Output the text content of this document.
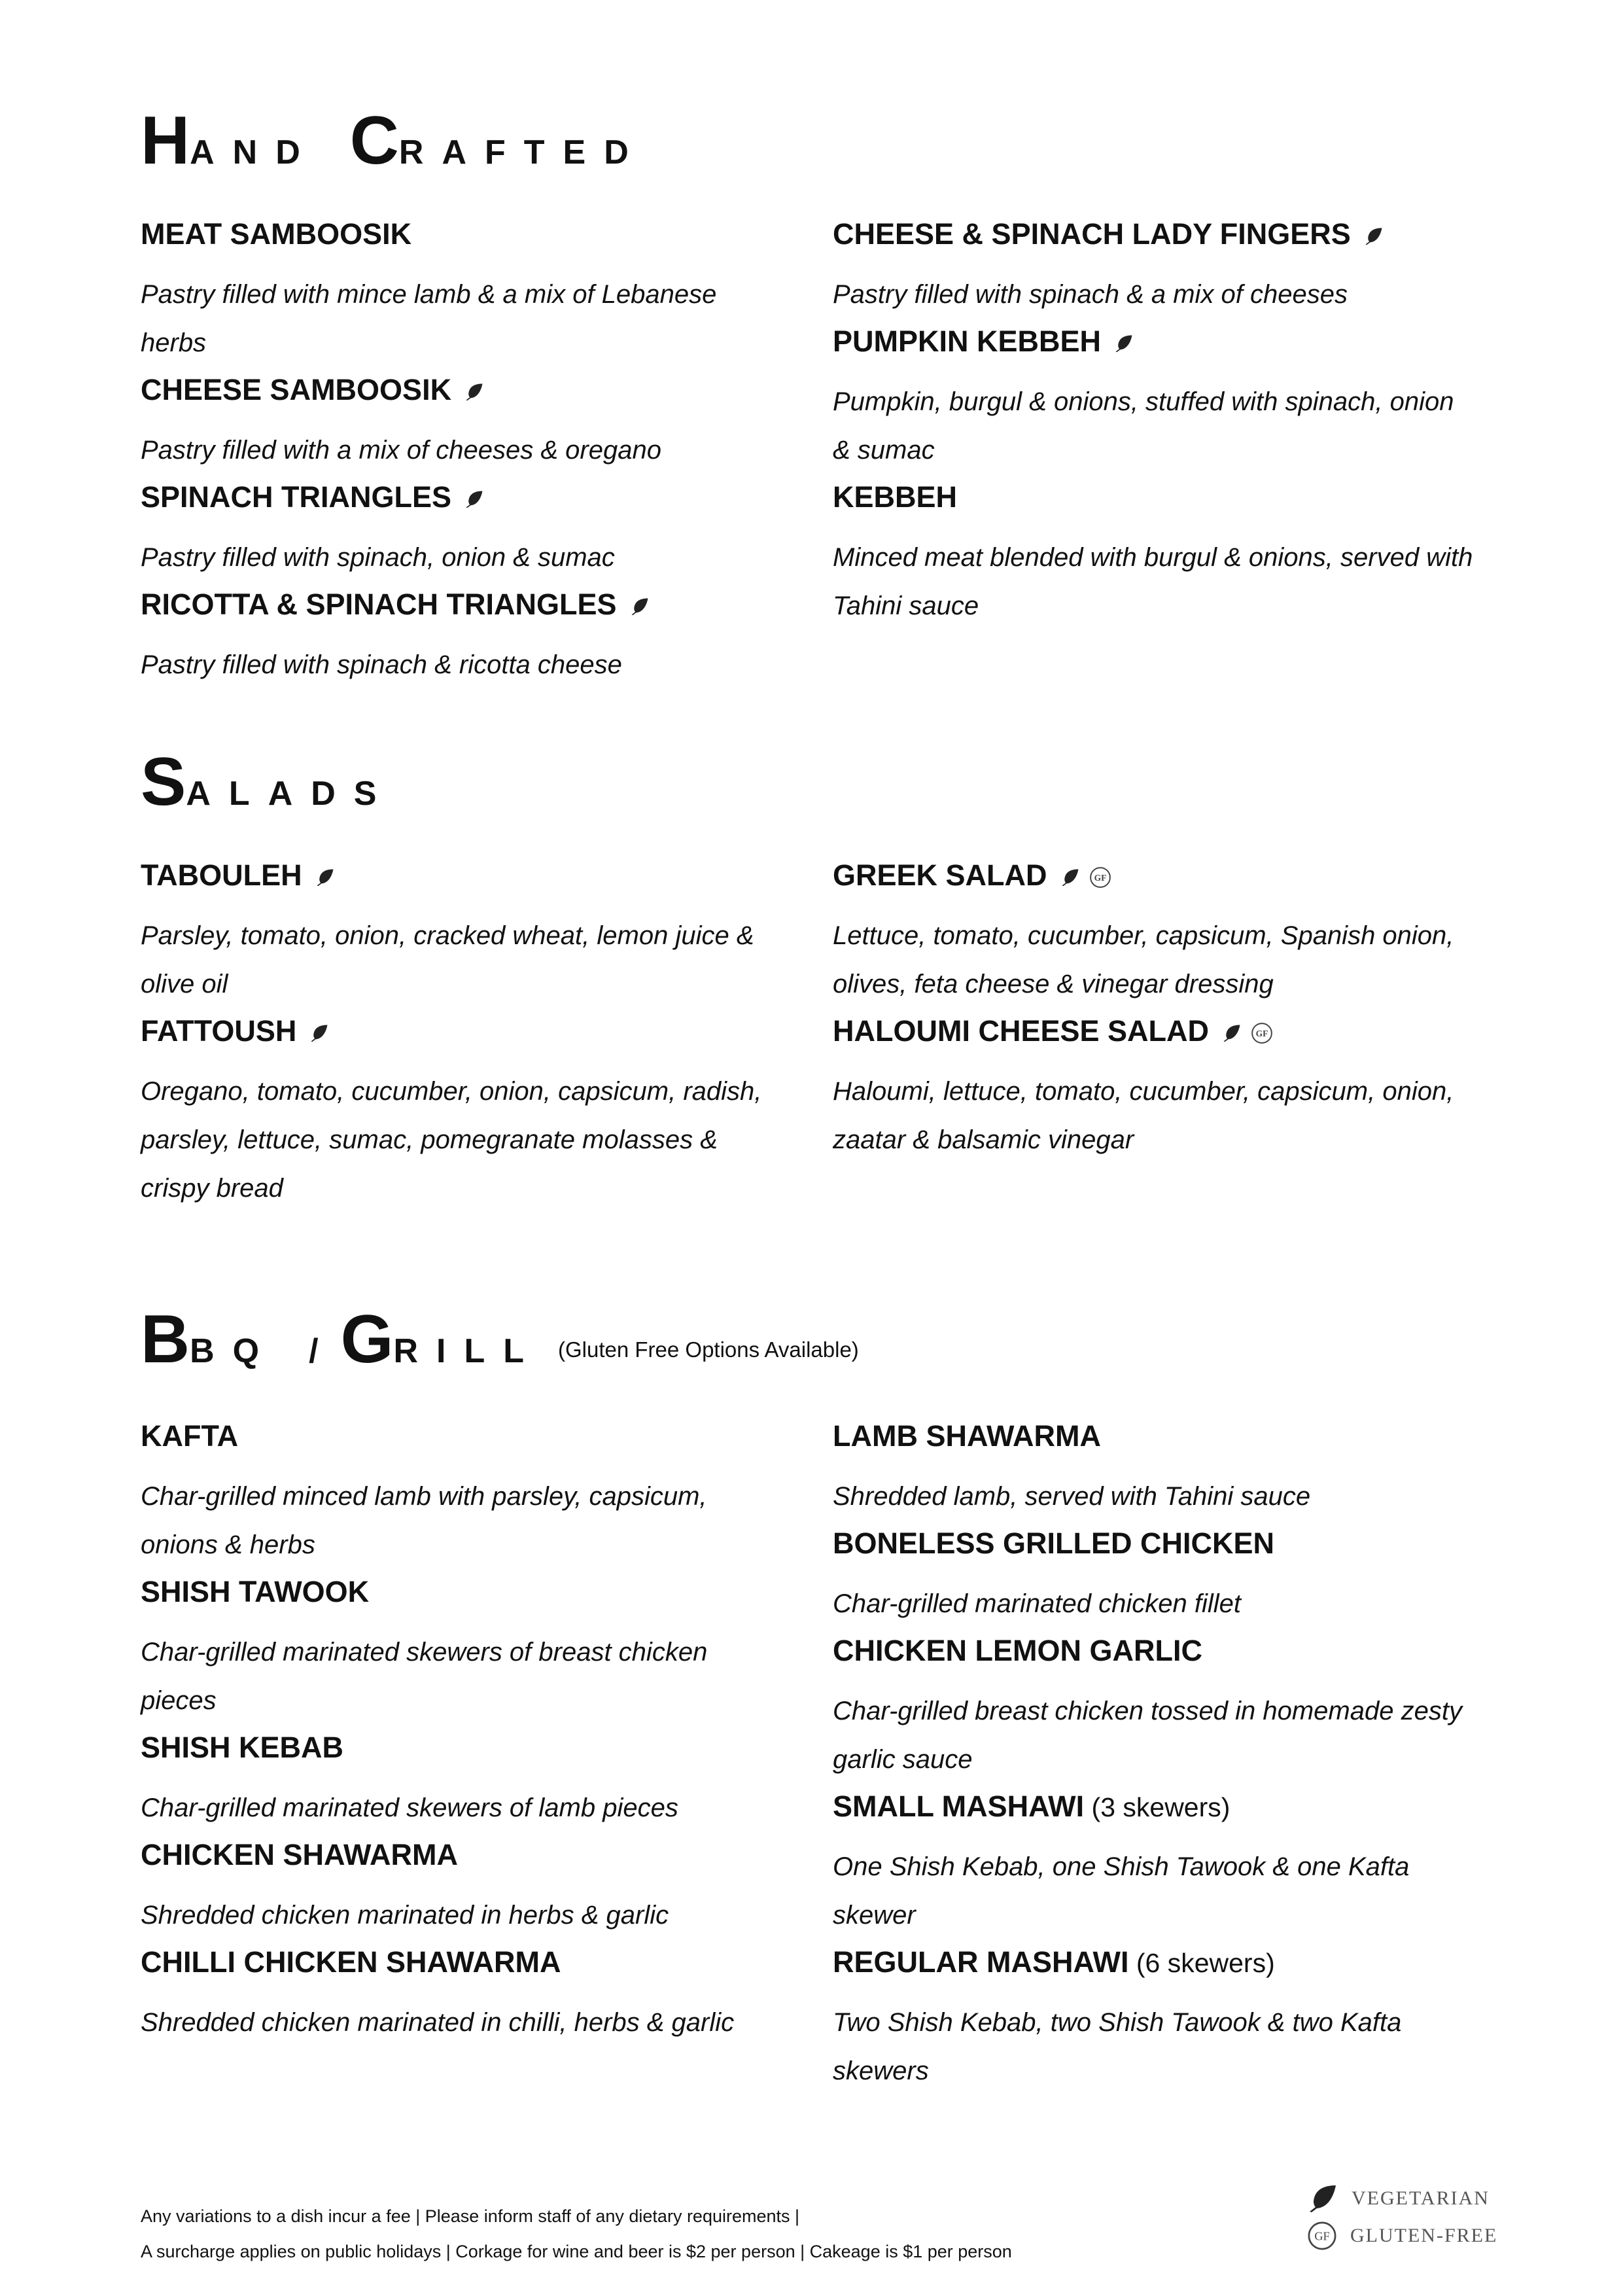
HAND CRAFTED
MEAT SAMBOOSIK
Pastry filled with mince lamb & a mix of Lebanese herbs
CHEESE SAMBOOSIK
Pastry filled with a mix of cheeses & oregano
SPINACH TRIANGLES
Pastry filled with spinach, onion & sumac
RICOTTA & SPINACH TRIANGLES
Pastry filled with spinach & ricotta cheese
CHEESE & SPINACH LADY FINGERS
Pastry filled with spinach & a mix of cheeses
PUMPKIN KEBBEH
Pumpkin, burgul & onions, stuffed with spinach, onion & sumac
KEBBEH
Minced meat blended with burgul & onions, served with Tahini sauce
SALADS
TABOULEH
Parsley, tomato, onion, cracked wheat, lemon juice & olive oil
FATTOUSH
Oregano, tomato, cucumber, onion, capsicum, radish, parsley, lettuce, sumac, pomegranate molasses & crispy bread
GREEK SALAD	GF
Lettuce, tomato, cucumber, capsicum, Spanish onion, olives, feta cheese & vinegar dressing
HALOUMI CHEESE SALAD	GF
Haloumi, lettuce, tomato, cucumber, capsicum, onion, zaatar & balsamic vinegar
BBQ / GRILL (Gluten Free Options Available)
KAFTA
Char-grilled minced lamb with parsley, capsicum, onions & herbs
SHISH TAWOOK
Char-grilled marinated skewers of breast chicken pieces
SHISH KEBAB
Char-grilled marinated skewers of lamb pieces
CHICKEN SHAWARMA
Shredded chicken marinated in herbs & garlic
CHILLI CHICKEN SHAWARMA
Shredded chicken marinated in chilli, herbs & garlic
LAMB SHAWARMA
Shredded lamb, served with Tahini sauce
BONELESS GRILLED CHICKEN
Char-grilled marinated chicken fillet
CHICKEN LEMON GARLIC
Char-grilled breast chicken tossed in homemade zesty garlic sauce
SMALL MASHAWI (3 skewers)
One Shish Kebab, one Shish Tawook & one Kafta skewer
REGULAR MASHAWI (6 skewers)
Two Shish Kebab, two Shish Tawook & two Kafta skewers
Any variations to a dish incur a fee | Please inform staff of any dietary requirements |
A surcharge applies on public holidays | Corkage for wine and beer is $2 per person | Cakeage is $1 per person
VEGETARIAN
GF GLUTEN-FREE
